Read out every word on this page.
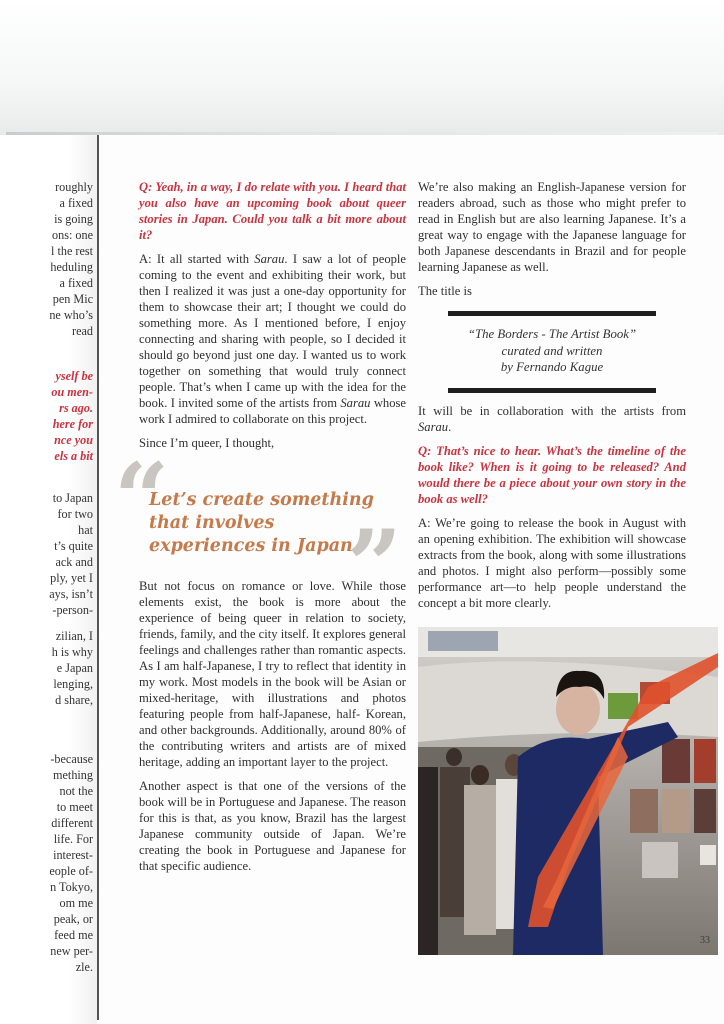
roughly
a fixed
is going
ons: one
l the rest
heduling
a fixed
pen Mic
ne who’s
read
yself be
ou men-
rs ago.
here for
nce you
els a bit
to Japan
for two
hat
t’s quite
ack and
ply, yet I
ays, isn’t
-person-
zilian, I
h is why
e Japan
lenging,
d share,
-because
mething
not the
to meet
different
life. For
interest-
eople of-
n Tokyo,
om me
peak, or
feed me
new per-
zle.

Q: Yeah, in a way, I do relate with you. I heard that you also have an upcoming book about queer stories in Japan. Could you talk a bit more about it?

A: It all started with Sarau. I saw a lot of people coming to the event and exhibiting their work, but then I realized it was just a one-day opportunity for them to showcase their art; I thought we could do something more. As I mentioned before, I enjoy connecting and sharing with people, so I decided it should go beyond just one day. I wanted us to work together on something that would truly connect people. That’s when I came up with the idea for the book. I invited some of the artists from Sarau whose work I admired to collaborate on this project.

Since I’m queer, I thought,

“
Let’s create something that involves experiences in Japan.
”

But not focus on romance or love. While those elements exist, the book is more about the experience of being queer in relation to society, friends, family, and the city itself. It explores general feelings and challenges rather than romantic aspects. As I am half-Japanese, I try to reflect that identity in my work. Most models in the book will be Asian or mixed-heritage, with illustrations and photos featuring people from half-Japanese, half- Korean, and other backgrounds. Additionally, around 80% of the contributing writers and artists are of mixed heritage, adding an important layer to the project.

Another aspect is that one of the versions of the book will be in Portuguese and Japanese. The reason for this is that, as you know, Brazil has the largest Japanese community outside of Japan. We’re creating the book in Portuguese and Japanese for that specific audience.

We’re also making an English-Japanese version for readers abroad, such as those who might prefer to read in English but are also learning Japanese. It’s a great way to engage with the Japanese language for both Japanese descendants in Brazil and for people learning Japanese as well.

The title is

“The Borders - The Artist Book”
curated and written
by Fernando Kague

It will be in collaboration with the artists from Sarau.

Q: That’s nice to hear. What’s the timeline of the book like? When is it going to be released? And would there be a piece about your own story in the book as well?

A: We’re going to release the book in August with an opening exhibition. The exhibition will showcase extracts from the book, along with some illustrations and photos. I might also perform—possibly some performance art—to help people understand the concept a bit more clearly.

33
